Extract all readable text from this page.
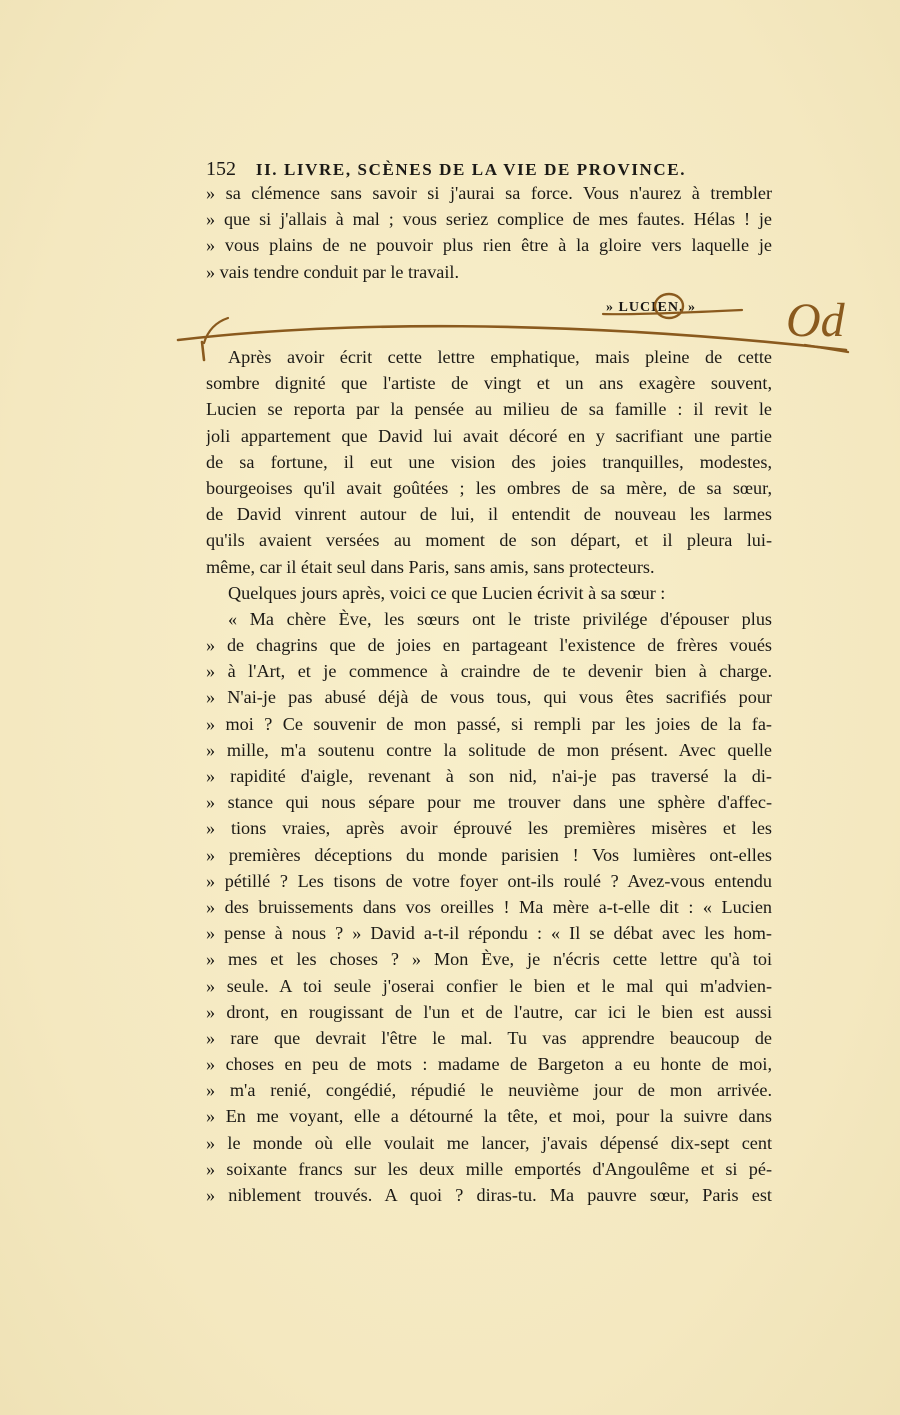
152 II. LIVRE, SCÈNES DE LA VIE DE PROVINCE.
» sa clémence sans savoir si j'aurai sa force. Vous n'aurez à trembler
» que si j'allais à mal ; vous seriez complice de mes fautes. Hélas ! je
» vous plains de ne pouvoir plus rien être à la gloire vers laquelle je
» vais tendre conduit par le travail.
» LUCIEN. » Od
Après avoir écrit cette lettre emphatique, mais pleine de cette
sombre dignité que l'artiste de vingt et un ans exagère souvent,
Lucien se reporta par la pensée au milieu de sa famille : il revit le
joli appartement que David lui avait décoré en y sacrifiant une partie
de sa fortune, il eut une vision des joies tranquilles, modestes,
bourgeoises qu'il avait goûtées ; les ombres de sa mère, de sa sœur,
de David vinrent autour de lui, il entendit de nouveau les larmes
qu'ils avaient versées au moment de son départ, et il pleura lui-
même, car il était seul dans Paris, sans amis, sans protecteurs.
Quelques jours après, voici ce que Lucien écrivit à sa sœur :
« Ma chère Ève, les sœurs ont le triste privilége d'épouser plus
» de chagrins que de joies en partageant l'existence de frères voués
» à l'Art, et je commence à craindre de te devenir bien à charge.
» N'ai-je pas abusé déjà de vous tous, qui vous êtes sacrifiés pour
» moi ? Ce souvenir de mon passé, si rempli par les joies de la fa-
» mille, m'a soutenu contre la solitude de mon présent. Avec quelle
» rapidité d'aigle, revenant à son nid, n'ai-je pas traversé la di-
» stance qui nous sépare pour me trouver dans une sphère d'affec-
» tions vraies, après avoir éprouvé les premières misères et les
» premières déceptions du monde parisien ! Vos lumières ont-elles
» pétillé ? Les tisons de votre foyer ont-ils roulé ? Avez-vous entendu
» des bruissements dans vos oreilles ! Ma mère a-t-elle dit : « Lucien
» pense à nous ? » David a-t-il répondu : « Il se débat avec les hom-
» mes et les choses ? » Mon Ève, je n'écris cette lettre qu'à toi
» seule. A toi seule j'oserai confier le bien et le mal qui m'advien-
» dront, en rougissant de l'un et de l'autre, car ici le bien est aussi
» rare que devrait l'être le mal. Tu vas apprendre beaucoup de
» choses en peu de mots : madame de Bargeton a eu honte de moi,
» m'a renié, congédié, répudié le neuvième jour de mon arrivée.
» En me voyant, elle a détourné la tête, et moi, pour la suivre dans
» le monde où elle voulait me lancer, j'avais dépensé dix-sept cent
» soixante francs sur les deux mille emportés d'Angoulême et si pé-
» niblement trouvés. A quoi ? diras-tu. Ma pauvre sœur, Paris est
